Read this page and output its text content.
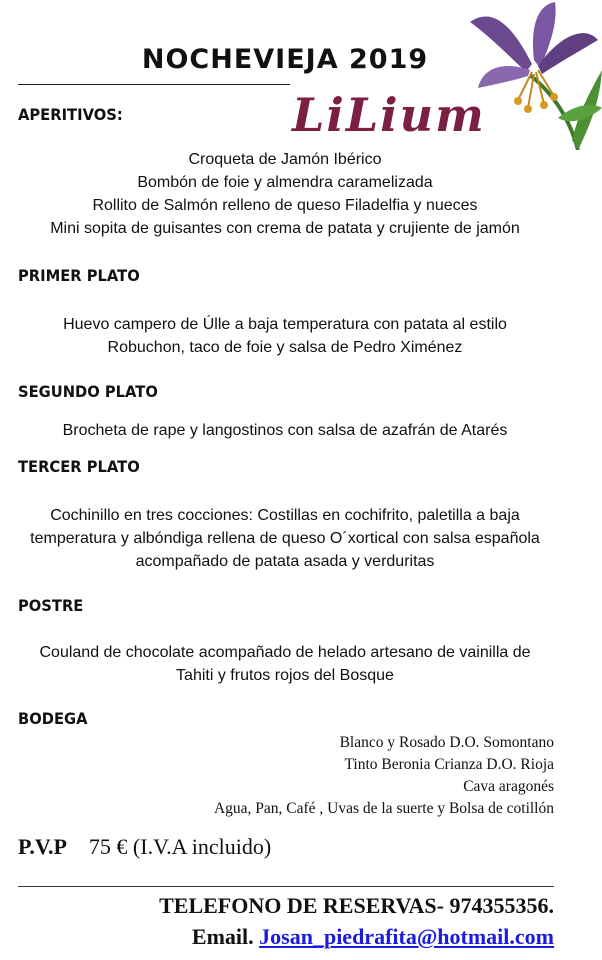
NOCHEVIEJA 2019
LiLium
APERITIVOS:
Croqueta de Jamón Ibérico
Bombón de foie y almendra caramelizada
Rollito de Salmón relleno de queso Filadelfia y nueces
Mini sopita de guisantes con crema de patata y crujiente de jamón
PRIMER PLATO
Huevo campero de Úlle a baja temperatura con patata al estilo
Robuchon, taco de foie y salsa de Pedro Ximénez
SEGUNDO PLATO
Brocheta de rape y langostinos con salsa de azafrán de Atarés
TERCER PLATO
Cochinillo en tres cocciones: Costillas en cochifrito, paletilla a baja
temperatura y albóndiga rellena de queso O´xortical con salsa española
acompañado de patata asada y verduritas
POSTRE
Couland de chocolate acompañado de helado artesano de vainilla de
Tahiti y frutos rojos del Bosque
BODEGA
Blanco y Rosado D.O. Somontano
Tinto Beronia Crianza D.O. Rioja
Cava aragonés
Agua, Pan, Café , Uvas de la suerte y Bolsa de cotillón
P.V.P 75 € (I.V.A incluido)
TELEFONO DE RESERVAS- 974355356.
Email. Josan_piedrafita@hotmail.com
